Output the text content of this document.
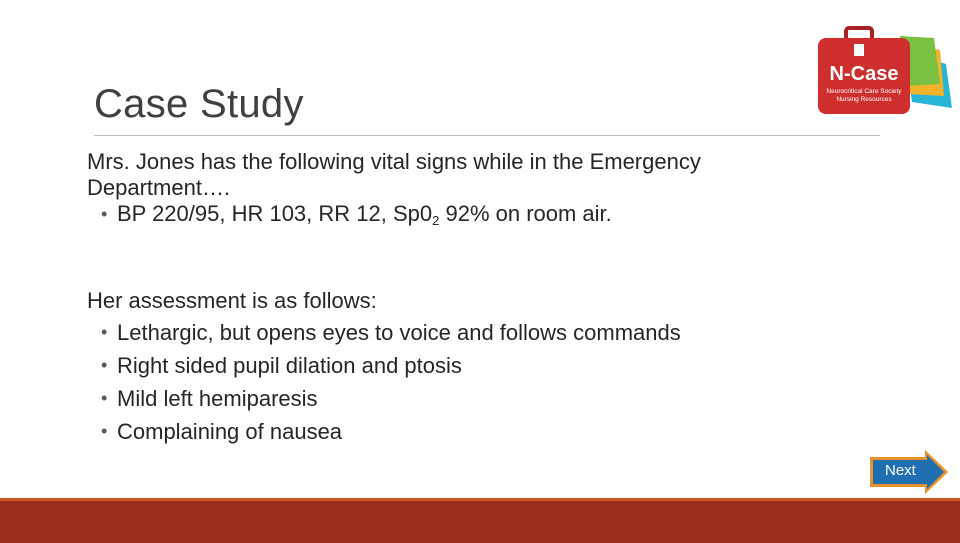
Case Study
N-Case
Neurocritical Care Society
Nursing Resources
Mrs. Jones has the following vital signs while in the Emergency
Department….
• BP 220/95, HR 103, RR 12, $Sp0_2$ 92% on room air.
Her assessment is as follows:
• Lethargic, but opens eyes to voice and follows commands
• Right sided pupil dilation and ptosis
• Mild left hemiparesis
• Complaining of nausea
Next
